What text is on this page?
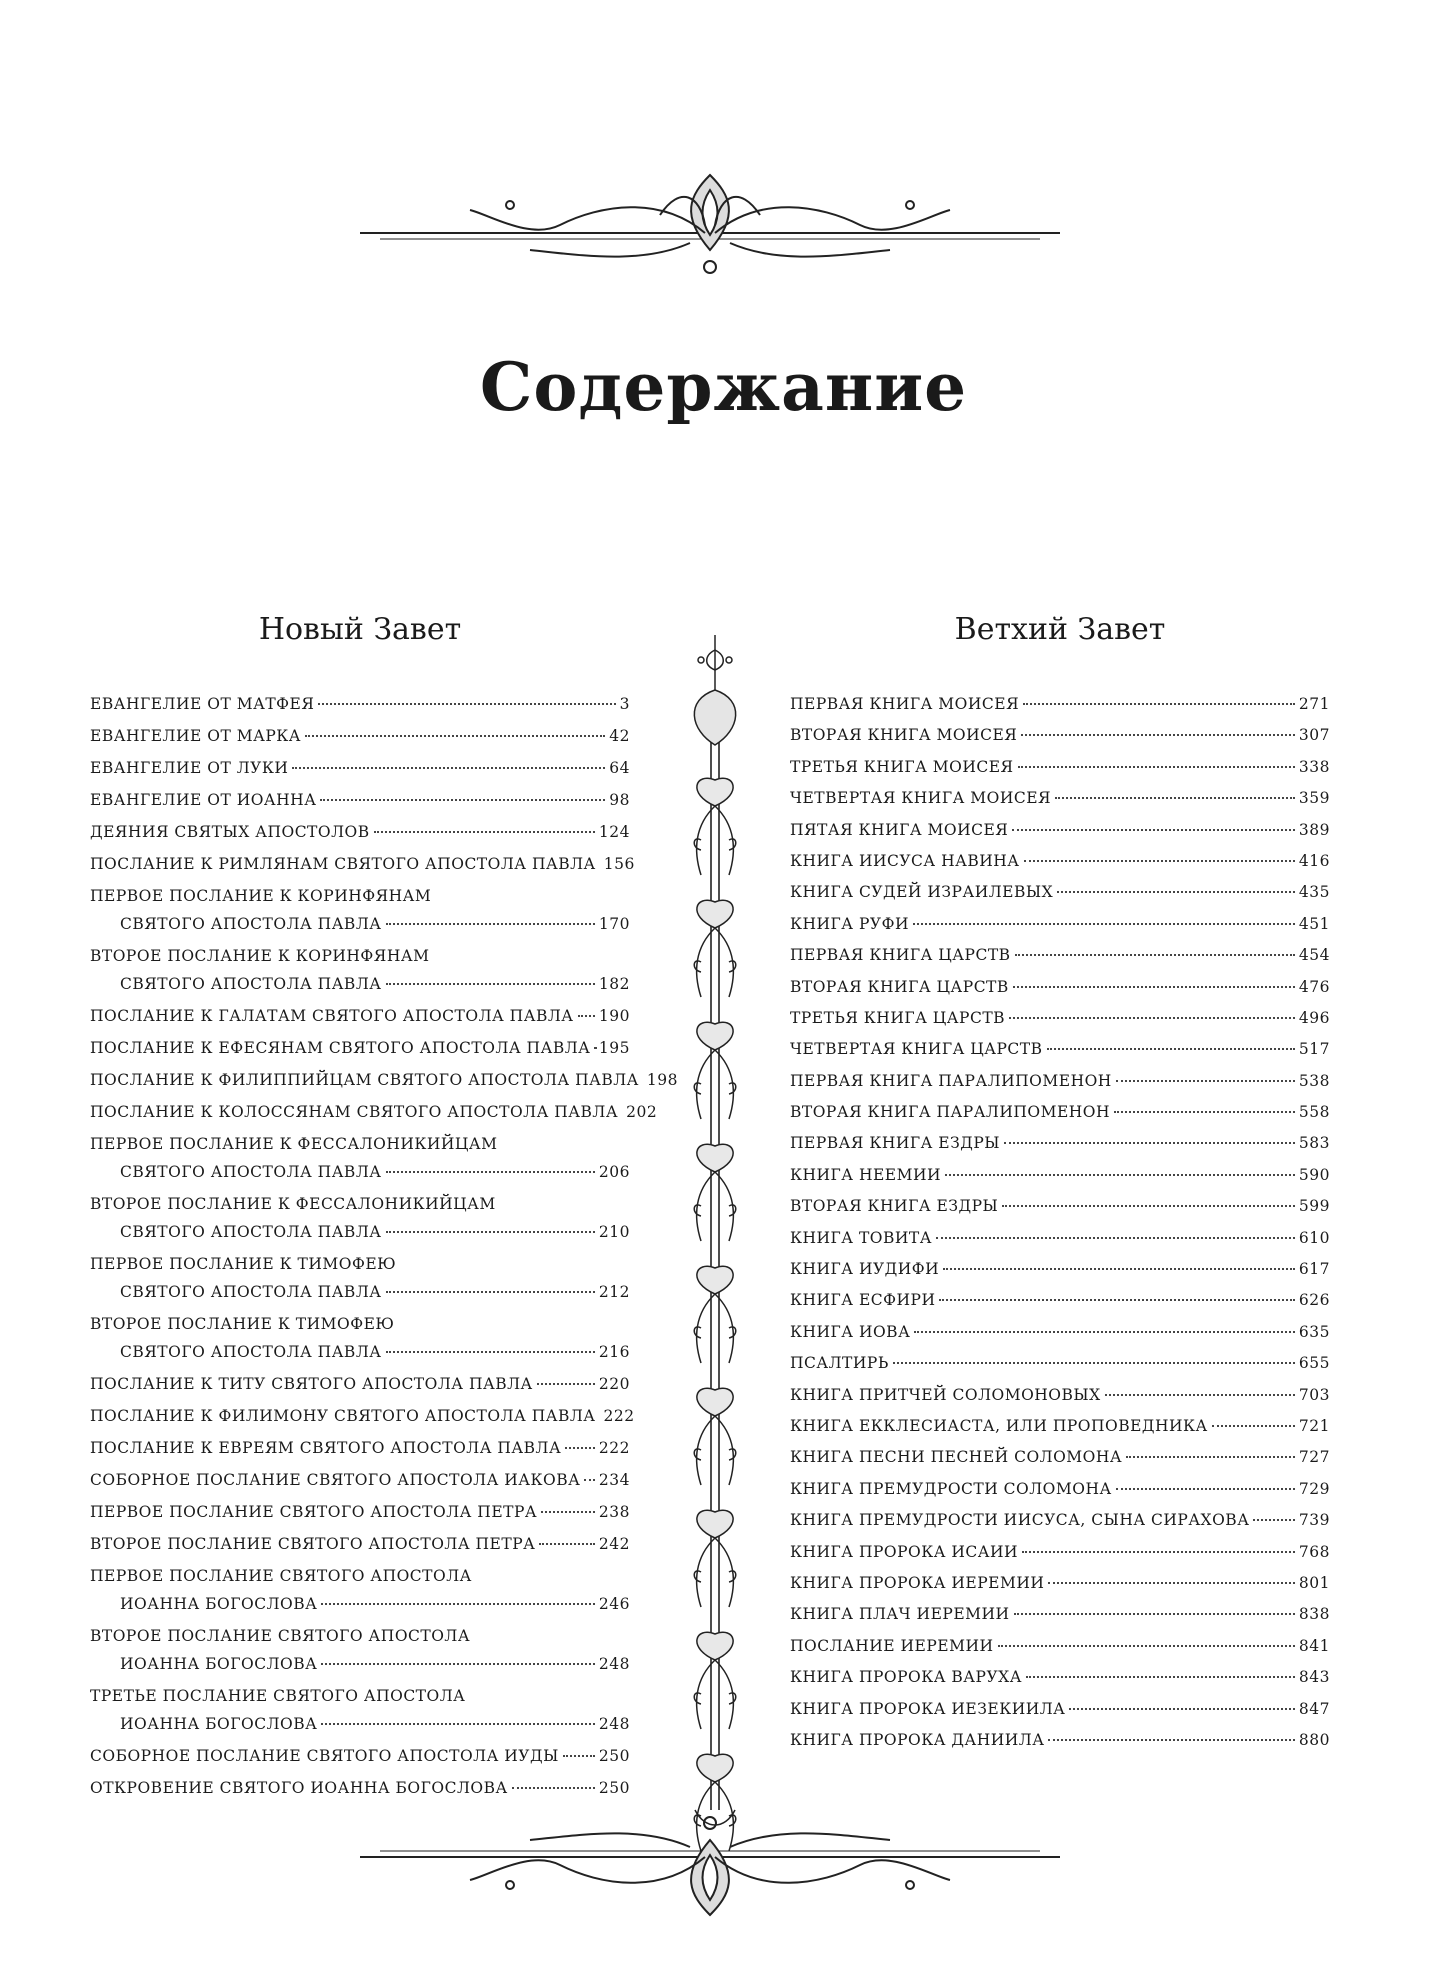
Содержание
Новый Завет	Ветхий Завет
ЕВАНГЕЛИЕ ОТ МАТФЕЯ	3
ЕВАНГЕЛИЕ ОТ МАРКА	42
ЕВАНГЕЛИЕ ОТ ЛУКИ	64
ЕВАНГЕЛИЕ ОТ ИОАННА	98
ДЕЯНИЯ СВЯТЫХ АПОСТОЛОВ	124
ПОСЛАНИЕ К РИМЛЯНАМ СВЯТОГО АПОСТОЛА ПАВЛА 156
ПЕРВОЕ ПОСЛАНИЕ К КОРИНФЯНАМ
СВЯТОГО АПОСТОЛА ПАВЛА	170
ВТОРОЕ ПОСЛАНИЕ К КОРИНФЯНАМ
СВЯТОГО АПОСТОЛА ПАВЛА	182
ПОСЛАНИЕ К ГАЛАТАМ СВЯТОГО АПОСТОЛА ПАВЛА 190
ПОСЛАНИЕ К ЕФЕСЯНАМ СВЯТОГО АПОСТОЛА ПАВЛА 195
ПОСЛАНИЕ К ФИЛИППИЙЦАМ СВЯТОГО АПОСТОЛА ПАВЛА 198
ПОСЛАНИЕ К КОЛОССЯНАМ СВЯТОГО АПОСТОЛА ПАВЛА 202
ПЕРВОЕ ПОСЛАНИЕ К ФЕССАЛОНИКИЙЦАМ
СВЯТОГО АПОСТОЛА ПАВЛА	206
ВТОРОЕ ПОСЛАНИЕ К ФЕССАЛОНИКИЙЦАМ
СВЯТОГО АПОСТОЛА ПАВЛА	210
ПЕРВОЕ ПОСЛАНИЕ К ТИМОФЕЮ
СВЯТОГО АПОСТОЛА ПАВЛА	212
ВТОРОЕ ПОСЛАНИЕ К ТИМОФЕЮ
СВЯТОГО АПОСТОЛА ПАВЛА	216
ПОСЛАНИЕ К ТИТУ СВЯТОГО АПОСТОЛА ПАВЛА	220
ПОСЛАНИЕ К ФИЛИМОНУ СВЯТОГО АПОСТОЛА ПАВЛА 222
ПОСЛАНИЕ К ЕВРЕЯМ СВЯТОГО АПОСТОЛА ПАВЛА 222
СОБОРНОЕ ПОСЛАНИЕ СВЯТОГО АПОСТОЛА ИАКОВА 234
ПЕРВОЕ ПОСЛАНИЕ СВЯТОГО АПОСТОЛА ПЕТРА	238
ВТОРОЕ ПОСЛАНИЕ СВЯТОГО АПОСТОЛА ПЕТРА	242
ПЕРВОЕ ПОСЛАНИЕ СВЯТОГО АПОСТОЛА
ИОАННА БОГОСЛОВА	246
ВТОРОЕ ПОСЛАНИЕ СВЯТОГО АПОСТОЛА
ИОАННА БОГОСЛОВА	248
ТРЕТЬЕ ПОСЛАНИЕ СВЯТОГО АПОСТОЛА
ИОАННА БОГОСЛОВА	248
СОБОРНОЕ ПОСЛАНИЕ СВЯТОГО АПОСТОЛА ИУДЫ	250
ОТКРОВЕНИЕ СВЯТОГО ИОАННА БОГОСЛОВА	250
ПЕРВАЯ КНИГА МОИСЕЯ	271
ВТОРАЯ КНИГА МОИСЕЯ	307
ТРЕТЬЯ КНИГА МОИСЕЯ	338
ЧЕТВЕРТАЯ КНИГА МОИСЕЯ	359
ПЯТАЯ КНИГА МОИСЕЯ	389
КНИГА ИИСУСА НАВИНА	416
КНИГА СУДЕЙ ИЗРАИЛЕВЫХ	435
КНИГА РУФИ	451
ПЕРВАЯ КНИГА ЦАРСТВ	454
ВТОРАЯ КНИГА ЦАРСТВ	476
ТРЕТЬЯ КНИГА ЦАРСТВ	496
ЧЕТВЕРТАЯ КНИГА ЦАРСТВ	517
ПЕРВАЯ КНИГА ПАРАЛИПОМЕНОН	538
ВТОРАЯ КНИГА ПАРАЛИПОМЕНОН	558
ПЕРВАЯ КНИГА ЕЗДРЫ	583
КНИГА НЕЕМИИ	590
ВТОРАЯ КНИГА ЕЗДРЫ	599
КНИГА ТОВИТА	610
КНИГА ИУДИФИ	617
КНИГА ЕСФИРИ	626
КНИГА ИОВА	635
ПСАЛТИРЬ	655
КНИГА ПРИТЧЕЙ СОЛОМОНОВЫХ	703
КНИГА ЕККЛЕСИАСТА, ИЛИ ПРОПОВЕДНИКА	721
КНИГА ПЕСНИ ПЕСНЕЙ СОЛОМОНА	727
КНИГА ПРЕМУДРОСТИ СОЛОМОНА	729
КНИГА ПРЕМУДРОСТИ ИИСУСА, СЫНА СИРАХОВА	739
КНИГА ПРОРОКА ИСАИИ	768
КНИГА ПРОРОКА ИЕРЕМИИ	801
КНИГА ПЛАЧ ИЕРЕМИИ	838
ПОСЛАНИЕ ИЕРЕМИИ	841
КНИГА ПРОРОКА ВАРУХА	843
КНИГА ПРОРОКА ИЕЗЕКИИЛА	847
КНИГА ПРОРОКА ДАНИИЛА	880
